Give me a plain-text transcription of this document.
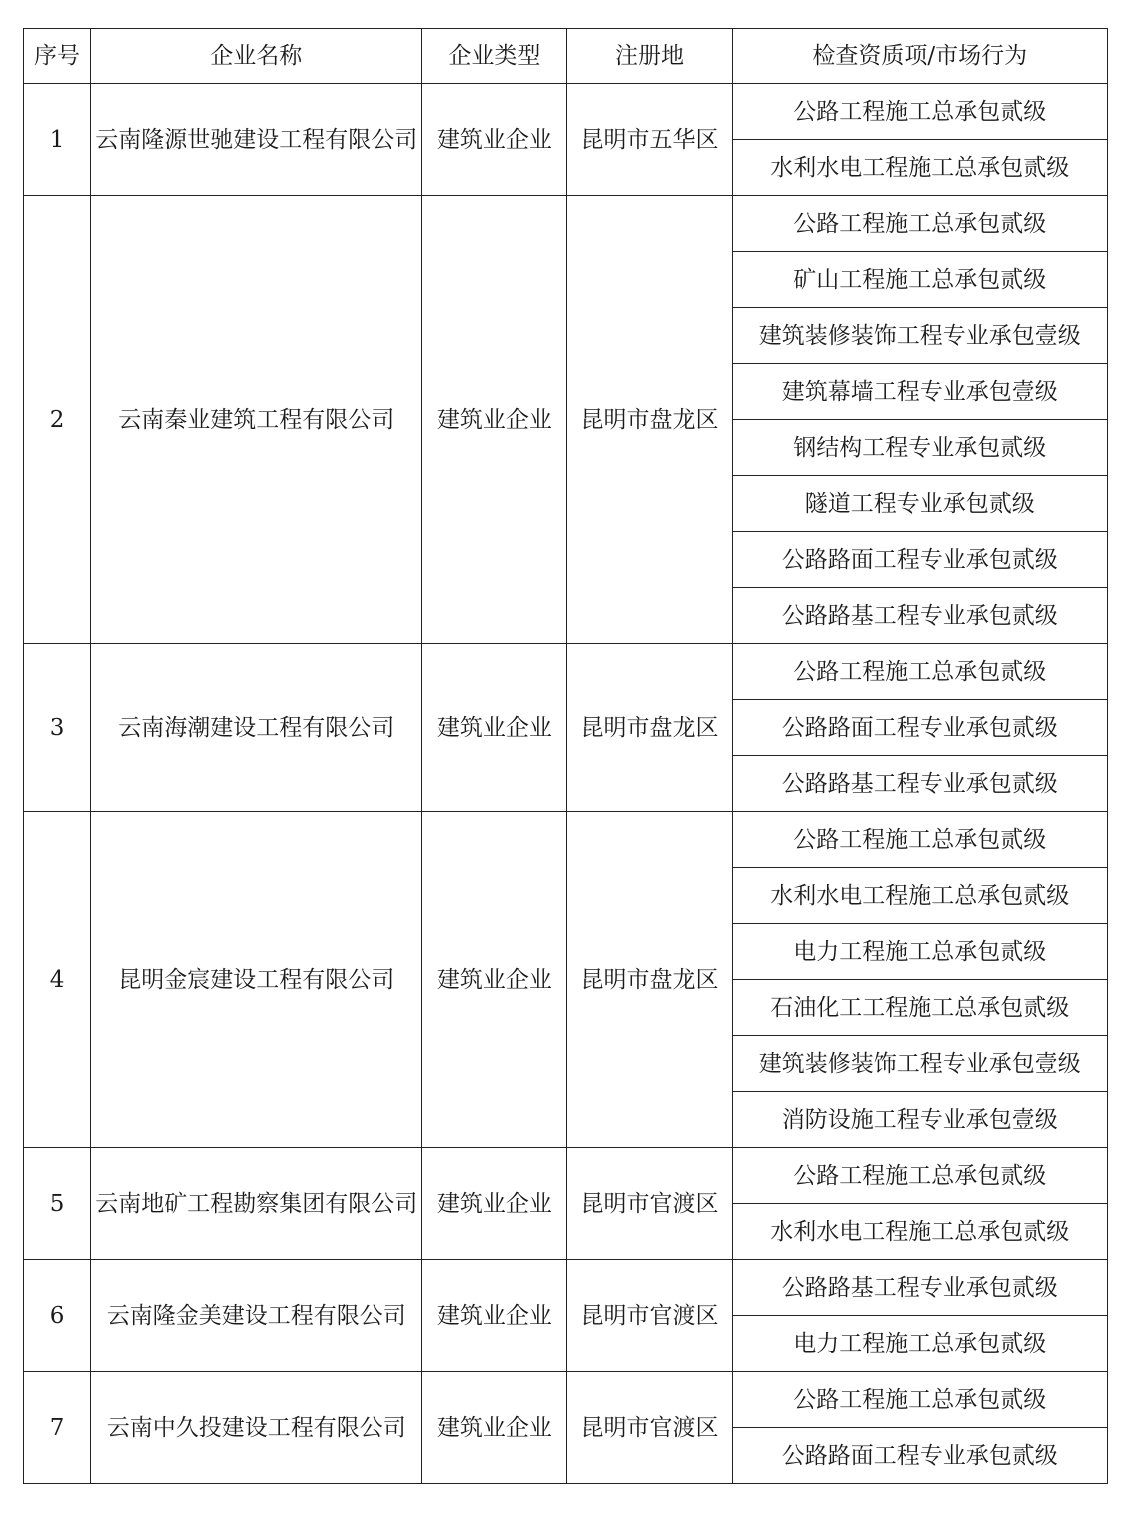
序号	企业名称	企业类型	注册地	检查资质项/市场行为
1	云南隆源世驰建设工程有限公司	建筑业企业	昆明市五华区	公路工程施工总承包贰级
				水利水电工程施工总承包贰级
2	云南秦业建筑工程有限公司	建筑业企业	昆明市盘龙区	公路工程施工总承包贰级
				矿山工程施工总承包贰级
				建筑装修装饰工程专业承包壹级
				建筑幕墙工程专业承包壹级
				钢结构工程专业承包贰级
				隧道工程专业承包贰级
				公路路面工程专业承包贰级
				公路路基工程专业承包贰级
3	云南海潮建设工程有限公司	建筑业企业	昆明市盘龙区	公路工程施工总承包贰级
				公路路面工程专业承包贰级
				公路路基工程专业承包贰级
4	昆明金宸建设工程有限公司	建筑业企业	昆明市盘龙区	公路工程施工总承包贰级
				水利水电工程施工总承包贰级
				电力工程施工总承包贰级
				石油化工工程施工总承包贰级
				建筑装修装饰工程专业承包壹级
				消防设施工程专业承包壹级
5	云南地矿工程勘察集团有限公司	建筑业企业	昆明市官渡区	公路工程施工总承包贰级
				水利水电工程施工总承包贰级
6	云南隆金美建设工程有限公司	建筑业企业	昆明市官渡区	公路路基工程专业承包贰级
				电力工程施工总承包贰级
7	云南中久投建设工程有限公司	建筑业企业	昆明市官渡区	公路工程施工总承包贰级
				公路路面工程专业承包贰级
